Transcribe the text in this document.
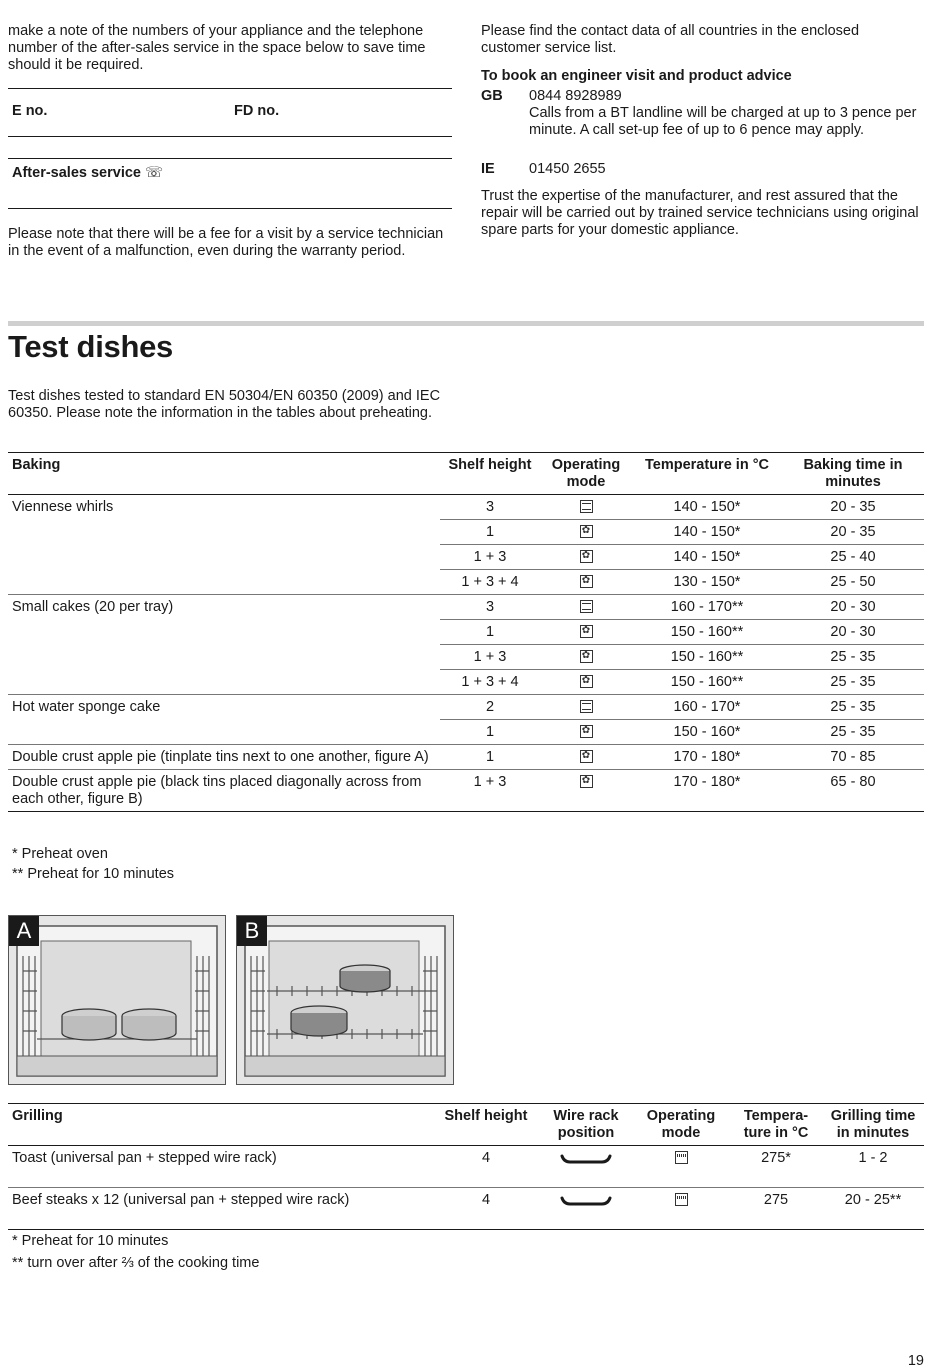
make a note of the numbers of your appliance and the telephone number of the after-sales service in the space below to save time should it be required.
E no.	FD no.
After-sales service ☏
Please note that there will be a fee for a visit by a service technician in the event of a malfunction, even during the warranty period.
Please find the contact data of all countries in the enclosed customer service list.
To book an engineer visit and product advice
GB 0844 8928989
Calls from a BT landline will be charged at up to 3 pence per minute. A call set-up fee of up to 6 pence may apply.
IE 01450 2655
Trust the expertise of the manufacturer, and rest assured that the repair will be carried out by trained service technicians using original spare parts for your domestic appliance.
Test dishes
Test dishes tested to standard EN 50304/EN 60350 (2009) and IEC 60350. Please note the information in the tables about preheating.
Baking	Shelf height	Operating mode	Temperature in °C	Baking time in minutes
Viennese whirls	3		140 - 150*	20 - 35
	1	✿	140 - 150*	20 - 35
	1 + 3	✿	140 - 150*	25 - 40
	1 + 3 + 4	✿	130 - 150*	25 - 50
Small cakes (20 per tray)	3		160 - 170**	20 - 30
	1	✿	150 - 160**	20 - 30
	1 + 3	✿	150 - 160**	25 - 35
	1 + 3 + 4	✿	150 - 160**	25 - 35
Hot water sponge cake	2		160 - 170*	25 - 35
	1	✿	150 - 160*	25 - 35
Double crust apple pie (tinplate tins next to one another, figure A)	1	✿	170 - 180*	70 - 85
Double crust apple pie (black tins placed diagonally across from each other, figure B)	1 + 3	✿	170 - 180*	65 - 80
* Preheat oven
** Preheat for 10 minutes
A	B
Grilling	Shelf height	Wire rack position	Operating mode	Tempera-ture in °C	Grilling time in minutes
Toast (universal pan + stepped wire rack)	4			275*	1 - 2
Beef steaks x 12 (universal pan + stepped wire rack)	4			275	20 - 25**
* Preheat for 10 minutes
** turn over after ⅔ of the cooking time
19
